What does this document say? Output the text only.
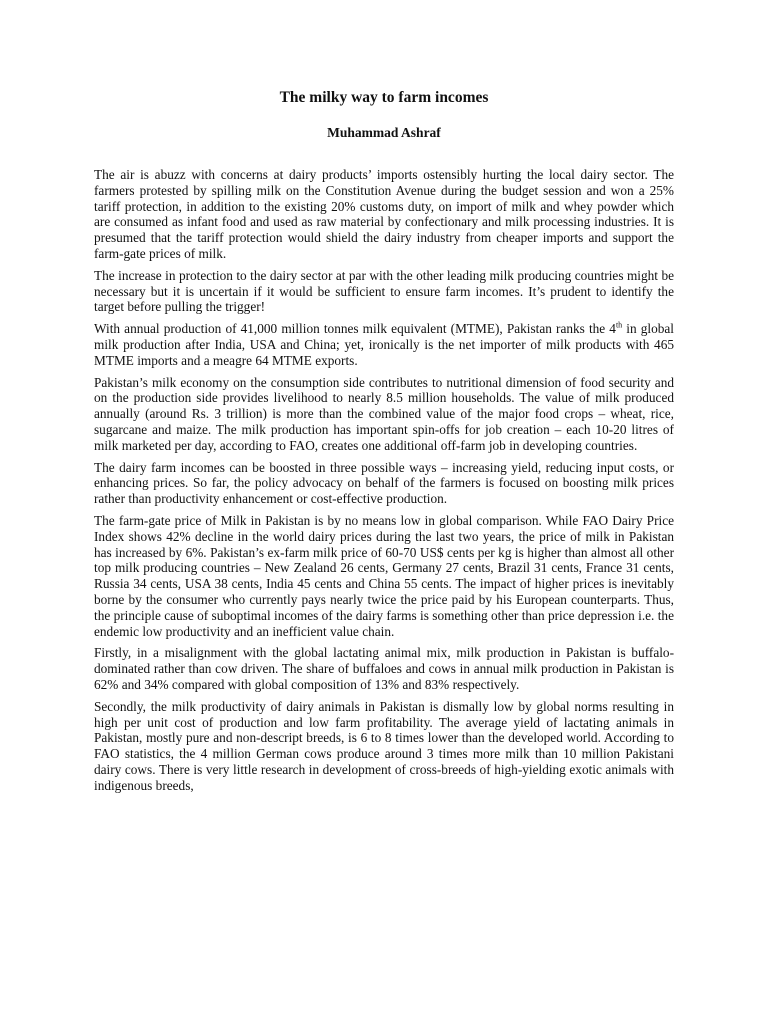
The milky way to farm incomes
Muhammad Ashraf

The air is abuzz with concerns at dairy products’ imports ostensibly hurting the local dairy sector. The farmers protested by spilling milk on the Constitution Avenue during the budget session and won a 25% tariff protection, in addition to the existing 20% customs duty, on import of milk and whey powder which are consumed as infant food and used as raw material by confectionary and milk processing industries. It is presumed that the tariff protection would shield the dairy industry from cheaper imports and support the farm-gate prices of milk.

The increase in protection to the dairy sector at par with the other leading milk producing countries might be necessary but it is uncertain if it would be sufficient to ensure farm incomes. It’s prudent to identify the target before pulling the trigger!

With annual production of 41,000 million tonnes milk equivalent (MTME), Pakistan ranks the 4th in global milk production after India, USA and China; yet, ironically is the net importer of milk products with 465 MTME imports and a meagre 64 MTME exports.

Pakistan’s milk economy on the consumption side contributes to nutritional dimension of food security and on the production side provides livelihood to nearly 8.5 million households. The value of milk produced annually (around Rs. 3 trillion) is more than the combined value of the major food crops – wheat, rice, sugarcane and maize. The milk production has important spin-offs for job creation – each 10-20 litres of milk marketed per day, according to FAO, creates one additional off-farm job in developing countries.

The dairy farm incomes can be boosted in three possible ways – increasing yield, reducing input costs, or enhancing prices. So far, the policy advocacy on behalf of the farmers is focused on boosting milk prices rather than productivity enhancement or cost-effective production.

The farm-gate price of Milk in Pakistan is by no means low in global comparison. While FAO Dairy Price Index shows 42% decline in the world dairy prices during the last two years, the price of milk in Pakistan has increased by 6%. Pakistan’s ex-farm milk price of 60-70 US$ cents per kg is higher than almost all other top milk producing countries – New Zealand 26 cents, Germany 27 cents, Brazil 31 cents, France 31 cents, Russia 34 cents, USA 38 cents, India 45 cents and China 55 cents. The impact of higher prices is inevitably borne by the consumer who currently pays nearly twice the price paid by his European counterparts. Thus, the principle cause of suboptimal incomes of the dairy farms is something other than price depression i.e. the endemic low productivity and an inefficient value chain.

Firstly, in a misalignment with the global lactating animal mix, milk production in Pakistan is buffalo-dominated rather than cow driven. The share of buffaloes and cows in annual milk production in Pakistan is 62% and 34% compared with global composition of 13% and 83% respectively.

Secondly, the milk productivity of dairy animals in Pakistan is dismally low by global norms resulting in high per unit cost of production and low farm profitability. The average yield of lactating animals in Pakistan, mostly pure and non-descript breeds, is 6 to 8 times lower than the developed world. According to FAO statistics, the 4 million German cows produce around 3 times more milk than 10 million Pakistani dairy cows. There is very little research in development of cross-breeds of high-yielding exotic animals with indigenous breeds,
